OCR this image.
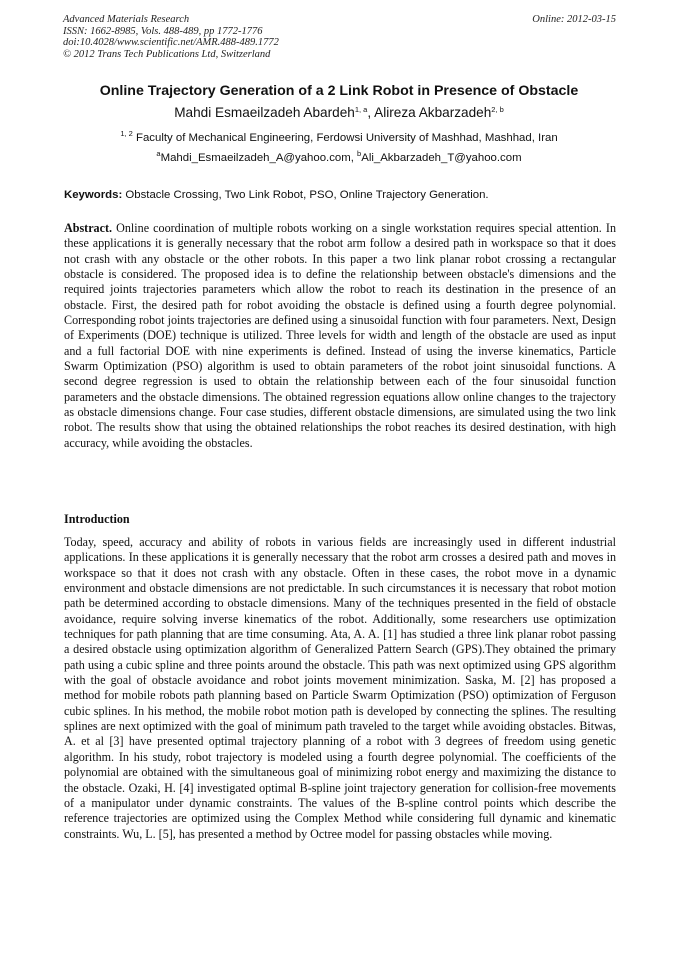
Advanced Materials Research
ISSN: 1662-8985, Vols. 488-489, pp 1772-1776
doi:10.4028/www.scientific.net/AMR.488-489.1772
© 2012 Trans Tech Publications Ltd, Switzerland
Online: 2012-03-15
Online Trajectory Generation of a 2 Link Robot in Presence of Obstacle
Mahdi Esmaeilzadeh Abardeh$^{1, a}$, Alireza Akbarzadeh$^{2, b}$
$^{1, 2}$ Faculty of Mechanical Engineering, Ferdowsi University of Mashhad, Mashhad, Iran
$^a$Mahdi_Esmaeilzadeh_A@yahoo.com, $^b$Ali_Akbarzadeh_T@yahoo.com
Keywords: Obstacle Crossing, Two Link Robot, PSO, Online Trajectory Generation.

Abstract. Online coordination of multiple robots working on a single workstation requires special attention. In these applications it is generally necessary that the robot arm follow a desired path in workspace so that it does not crash with any obstacle or the other robots. In this paper a two link planar robot crossing a rectangular obstacle is considered. The proposed idea is to define the relationship between obstacle's dimensions and the required joints trajectories parameters which allow the robot to reach its destination in the presence of an obstacle. First, the desired path for robot avoiding the obstacle is defined using a fourth degree polynomial. Corresponding robot joints trajectories are defined using a sinusoidal function with four parameters. Next, Design of Experiments (DOE) technique is utilized. Three levels for width and length of the obstacle are used as input and a full factorial DOE with nine experiments is defined. Instead of using the inverse kinematics, Particle Swarm Optimization (PSO) algorithm is used to obtain parameters of the robot joint sinusoidal functions. A second degree regression is used to obtain the relationship between each of the four sinusoidal function parameters and the obstacle dimensions. The obtained regression equations allow online changes to the trajectory as obstacle dimensions change. Four case studies, different obstacle dimensions, are simulated using the two link robot. The results show that using the obtained relationships the robot reaches its desired destination, with high accuracy, while avoiding the obstacles.

Introduction

Today, speed, accuracy and ability of robots in various fields are increasingly used in different industrial applications. In these applications it is generally necessary that the robot arm crosses a desired path and moves in workspace so that it does not crash with any obstacle. Often in these cases, the robot move in a dynamic environment and obstacle dimensions are not predictable. In such circumstances it is necessary that robot motion path be determined according to obstacle dimensions. Many of the techniques presented in the field of obstacle avoidance, require solving inverse kinematics of the robot. Additionally, some researchers use optimization techniques for path planning that are time consuming. Ata, A. A. [1] has studied a three link planar robot passing a desired obstacle using optimization algorithm of Generalized Pattern Search (GPS).They obtained the primary path using a cubic spline and three points around the obstacle. This path was next optimized using GPS algorithm with the goal of obstacle avoidance and robot joints movement minimization. Saska, M. [2] has proposed a method for mobile robots path planning based on Particle Swarm Optimization (PSO) optimization of Ferguson cubic splines. In his method, the mobile robot motion path is developed by connecting the splines. The resulting splines are next optimized with the goal of minimum path traveled to the target while avoiding obstacles. Bitwas, A. et al [3] have presented optimal trajectory planning of a robot with 3 degrees of freedom using genetic algorithm. In his study, robot trajectory is modeled using a fourth degree polynomial. The coefficients of the polynomial are obtained with the simultaneous goal of minimizing robot energy and maximizing the distance to the obstacle. Ozaki, H. [4] investigated optimal B-spline joint trajectory generation for collision-free movements of a manipulator under dynamic constraints. The values of the B-spline control points which describe the reference trajectories are optimized using the Complex Method while considering full dynamic and kinematic constraints. Wu, L. [5], has presented a method by Octree model for passing obstacles while moving.
